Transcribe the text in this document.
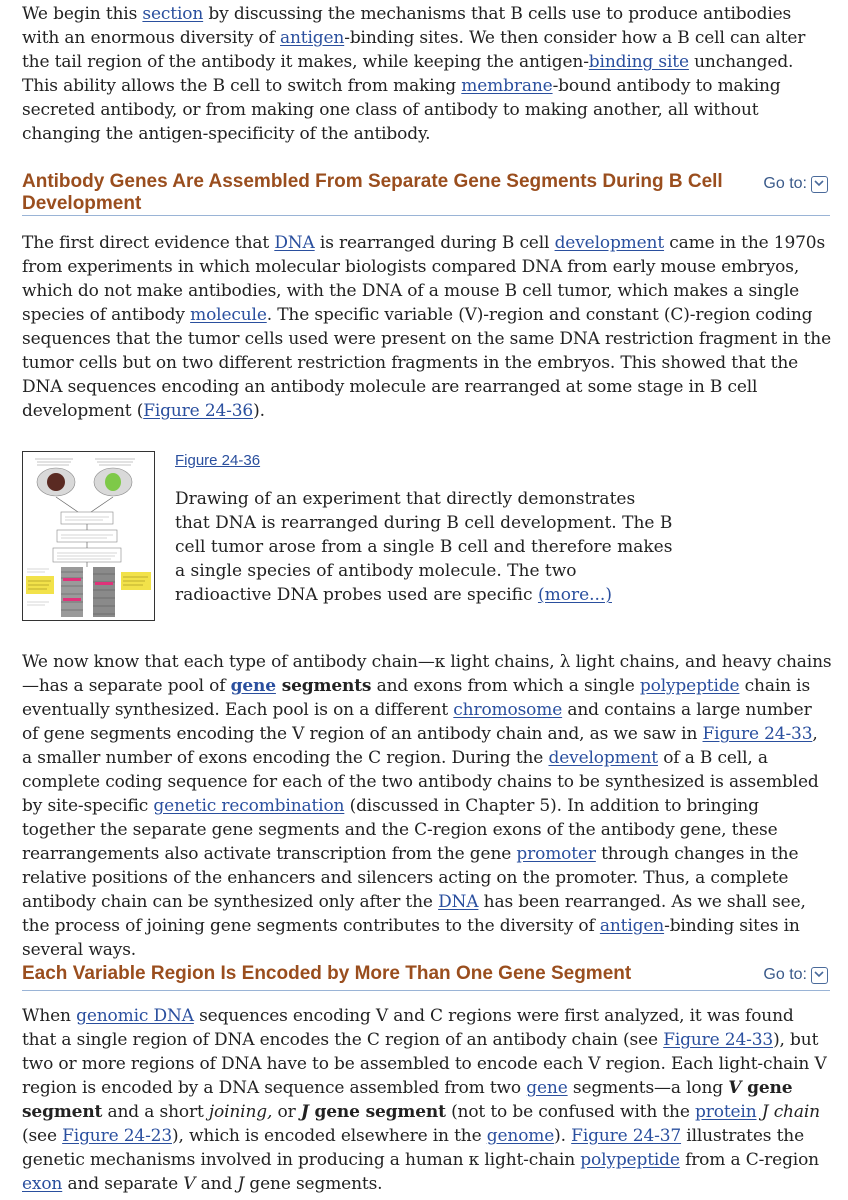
We begin this section by discussing the mechanisms that B cells use to produce antibodies with an enormous diversity of antigen-binding sites. We then consider how a B cell can alter the tail region of the antibody it makes, while keeping the antigen-binding site unchanged. This ability allows the B cell to switch from making membrane-bound antibody to making secreted antibody, or from making one class of antibody to making another, all without changing the antigen-specificity of the antibody.

Antibody Genes Are Assembled From Separate Gene Segments During B Cell Development
Go to:

The first direct evidence that DNA is rearranged during B cell development came in the 1970s from experiments in which molecular biologists compared DNA from early mouse embryos, which do not make antibodies, with the DNA of a mouse B cell tumor, which makes a single species of antibody molecule. The specific variable (V)-region and constant (C)-region coding sequences that the tumor cells used were present on the same DNA restriction fragment in the tumor cells but on two different restriction fragments in the embryos. This showed that the DNA sequences encoding an antibody molecule are rearranged at some stage in B cell development (Figure 24-36).

Figure 24-36

Drawing of an experiment that directly demonstrates that DNA is rearranged during B cell development. The B cell tumor arose from a single B cell and therefore makes a single species of antibody molecule. The two radioactive DNA probes used are specific (more...)

We now know that each type of antibody chain—κ light chains, λ light chains, and heavy chains—has a separate pool of gene segments and exons from which a single polypeptide chain is eventually synthesized. Each pool is on a different chromosome and contains a large number of gene segments encoding the V region of an antibody chain and, as we saw in Figure 24-33, a smaller number of exons encoding the C region. During the development of a B cell, a complete coding sequence for each of the two antibody chains to be synthesized is assembled by site-specific genetic recombination (discussed in Chapter 5). In addition to bringing together the separate gene segments and the C-region exons of the antibody gene, these rearrangements also activate transcription from the gene promoter through changes in the relative positions of the enhancers and silencers acting on the promoter. Thus, a complete antibody chain can be synthesized only after the DNA has been rearranged. As we shall see, the process of joining gene segments contributes to the diversity of antigen-binding sites in several ways.

Each Variable Region Is Encoded by More Than One Gene Segment	Go to:

When genomic DNA sequences encoding V and C regions were first analyzed, it was found that a single region of DNA encodes the C region of an antibody chain (see Figure 24-33), but two or more regions of DNA have to be assembled to encode each V region. Each light-chain V region is encoded by a DNA sequence assembled from two gene segments—a long V gene segment and a short joining, or J gene segment (not to be confused with the protein J chain (see Figure 24-23), which is encoded elsewhere in the genome). Figure 24-37 illustrates the genetic mechanisms involved in producing a human κ light-chain polypeptide from a C-region exon and separate V and J gene segments.
